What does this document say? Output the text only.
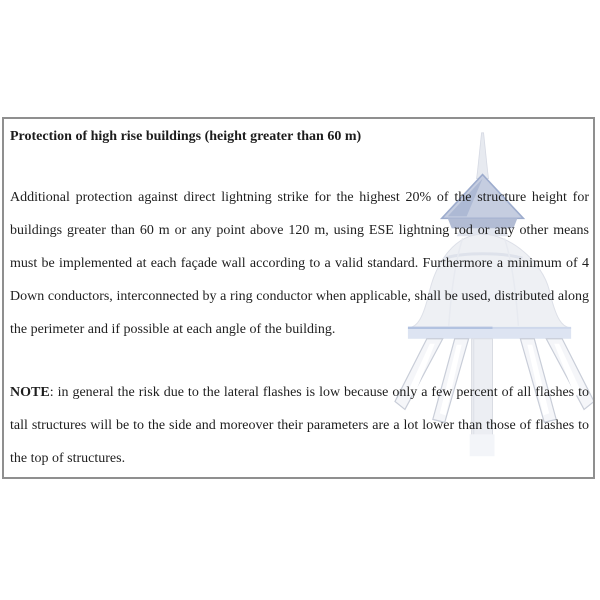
Protection of high rise buildings (height greater than 60 m)

Additional protection against direct lightning strike for the highest 20% of the structure height for buildings greater than 60 m or any point above 120 m, using ESE lightning rod or any other means must be implemented at each façade wall according to a valid standard. Furthermore a minimum of 4 Down conductors, interconnected by a ring conductor when applicable, shall be used, distributed along the perimeter and if possible at each angle of the building.

NOTE: in general the risk due to the lateral flashes is low because only a few percent of all flashes to tall structures will be to the side and moreover their parameters are a lot lower than those of flashes to the top of structures.
